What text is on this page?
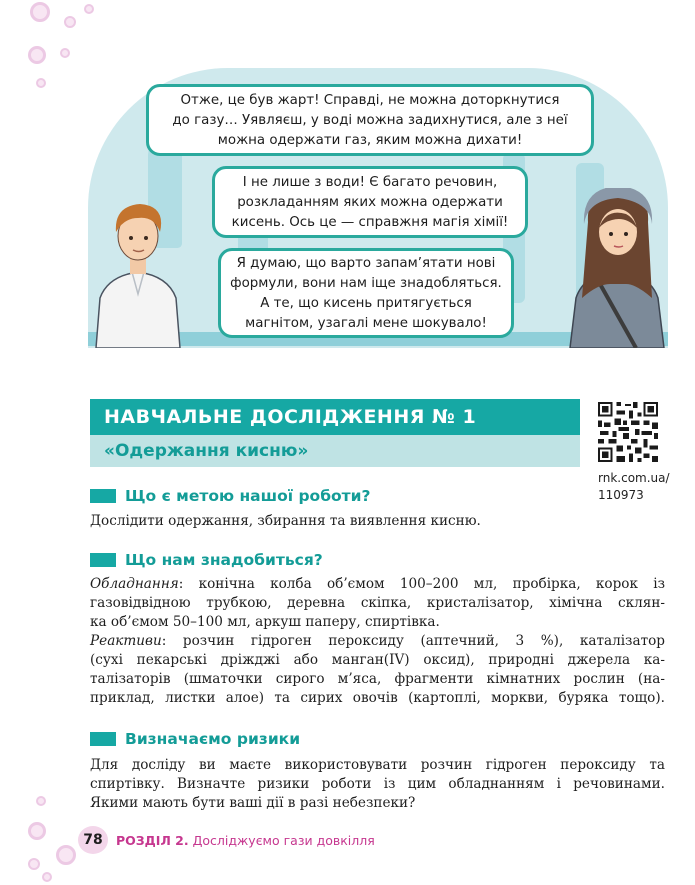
Отже, це був жарт! Справді, не можна доторкнутися
до газу… Уявляєш, у воді можна задихнутися, але з неї
можна одержати газ, яким можна дихати!
І не лише з води! Є багато речовин,
розкладанням яких можна одержати
кисень. Ось це — справжня магія хімії!
Я думаю, що варто запам’ятати нові
формули, вони нам іще знадобляться.
А те, що кисень притягується
магнітом, узагалі мене шокувало!
НАВЧАЛЬНЕ ДОСЛІДЖЕННЯ № 1
«Одержання кисню»
rnk.com.ua/
110973
Що є метою нашої роботи?
Дослідити одержання, збирання та виявлення кисню.
Що нам знадобиться?
Обладнання: конічна колба об’ємом 100–200 мл, пробірка, корок із
газовідвідною трубкою, деревна скіпка, кристалізатор, хімічна склян-
ка об’ємом 50–100 мл, аркуш паперу, спиртівка.
Реактиви: розчин гідроген пероксиду (аптечний, 3 %), каталізатор
(сухі пекарські дріжджі або манган(IV) оксид), природні джерела ка-
талізаторів (шматочки сирого м’яса, фрагменти кімнатних рослин (на-
приклад, листки алое) та сирих овочів (картоплі, моркви, буряка тощо).
Визначаємо ризики
Для досліду ви маєте використовувати розчин гідроген пероксиду та
спиртівку. Визначте ризики роботи із цим обладнанням і речовинами.
Якими мають бути ваші дії в разі небезпеки?
78	РОЗДІЛ 2. Досліджуємо гази довкілля
